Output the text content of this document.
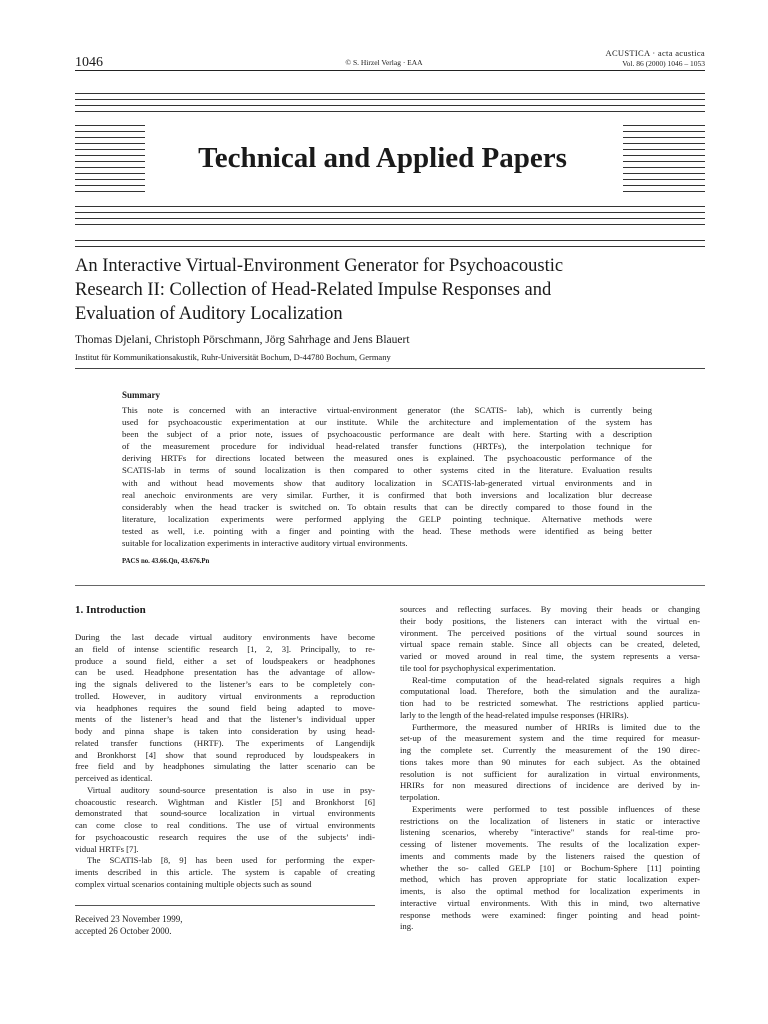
1046	© S. Hirzel Verlag · EAA
ACUSTICA · acta acustica
Vol. 86 (2000) 1046 – 1053
Technical and Applied Papers
An Interactive Virtual-Environment Generator for Psychoacoustic
Research II: Collection of Head-Related Impulse Responses and
Evaluation of Auditory Localization
Thomas Djelani, Christoph Pörschmann, Jörg Sahrhage and Jens Blauert
Institut für Kommunikationsakustik, Ruhr-Universität Bochum, D-44780 Bochum, Germany
Summary
This note is concerned with an interactive virtual-environment generator (the SCATIS- lab), which is currently being
used for psychoacoustic experimentation at our institute. While the architecture and implementation of the system has
been the subject of a prior note, issues of psychoacoustic performance are dealt with here. Starting with a description
of the measurement procedure for individual head-related transfer functions (HRTFs), the interpolation technique for
deriving HRTFs for directions located between the measured ones is explained. The psychoacoustic performance of the
SCATIS-lab in terms of sound localization is then compared to other systems cited in the literature. Evaluation results
with and without head movements show that auditory localization in SCATIS-lab-generated virtual environments and in
real anechoic environments are very similar. Further, it is confirmed that both inversions and localization blur decrease
considerably when the head tracker is switched on. To obtain results that can be directly compared to those found in the
literature, localization experiments were performed applying the GELP pointing technique. Alternative methods were
tested as well, i.e. pointing with a finger and pointing with the head. These methods were identified as being better
suitable for localization experiments in interactive auditory virtual environments.
PACS no. 43.66.Qn, 43.676.Pn
1. Introduction
During the last decade virtual auditory environments have become
an field of intense scientific research [1, 2, 3]. Principally, to re-
produce a sound field, either a set of loudspeakers or headphones
can be used. Headphone presentation has the advantage of allow-
ing the signals delivered to the listener’s ears to be completely con-
trolled. However, in auditory virtual environments a reproduction
via headphones requires the sound field being adapted to move-
ments of the listener’s head and that the listener’s individual upper
body and pinna shape is taken into consideration by using head-
related transfer functions (HRTF). The experiments of Langendijk
and Bronkhorst [4] show that sound reproduced by loudspeakers in
free field and by headphones simulating the latter scenario can be
perceived as identical.
Virtual auditory sound-source presentation is also in use in psy-
choacoustic research. Wightman and Kistler [5] and Bronkhorst [6]
demonstrated that sound-source localization in virtual environments
can come close to real conditions. The use of virtual environments
for psychoacoustic research requires the use of the subjects’ indi-
vidual HRTFs [7].
The SCATIS-lab [8, 9] has been used for performing the exper-
iments described in this article. The system is capable of creating
complex virtual scenarios containing multiple objects such as sound
sources and reflecting surfaces. By moving their heads or changing
their body positions, the listeners can interact with the virtual en-
vironment. The perceived positions of the virtual sound sources in
virtual space remain stable. Since all objects can be created, deleted,
varied or moved around in real time, the system represents a versa-
tile tool for psychophysical experimentation.
Real-time computation of the head-related signals requires a high
computational load. Therefore, both the simulation and the auraliza-
tion had to be restricted somewhat. The restrictions applied particu-
larly to the length of the head-related impulse responses (HRIRs).
Furthermore, the measured number of HRIRs is limited due to the
set-up of the measurement system and the time required for measur-
ing the complete set. Currently the measurement of the 190 direc-
tions takes more than 90 minutes for each subject. As the obtained
resolution is not sufficient for auralization in virtual environments,
HRIRs for non measured directions of incidence are derived by in-
terpolation.
Experiments were performed to test possible influences of these
restrictions on the localization of listeners in static or interactive
listening scenarios, whereby "interactive" stands for real-time pro-
cessing of listener movements. The results of the localization exper-
iments and comments made by the listeners raised the question of
whether the so- called GELP [10] or Bochum-Sphere [11] pointing
method, which has proven appropriate for static localization exper-
iments, is also the optimal method for localization experiments in
interactive virtual environments. With this in mind, two alternative
response methods were examined: finger pointing and head point-
ing.
Received 23 November 1999,
accepted 26 October 2000.
